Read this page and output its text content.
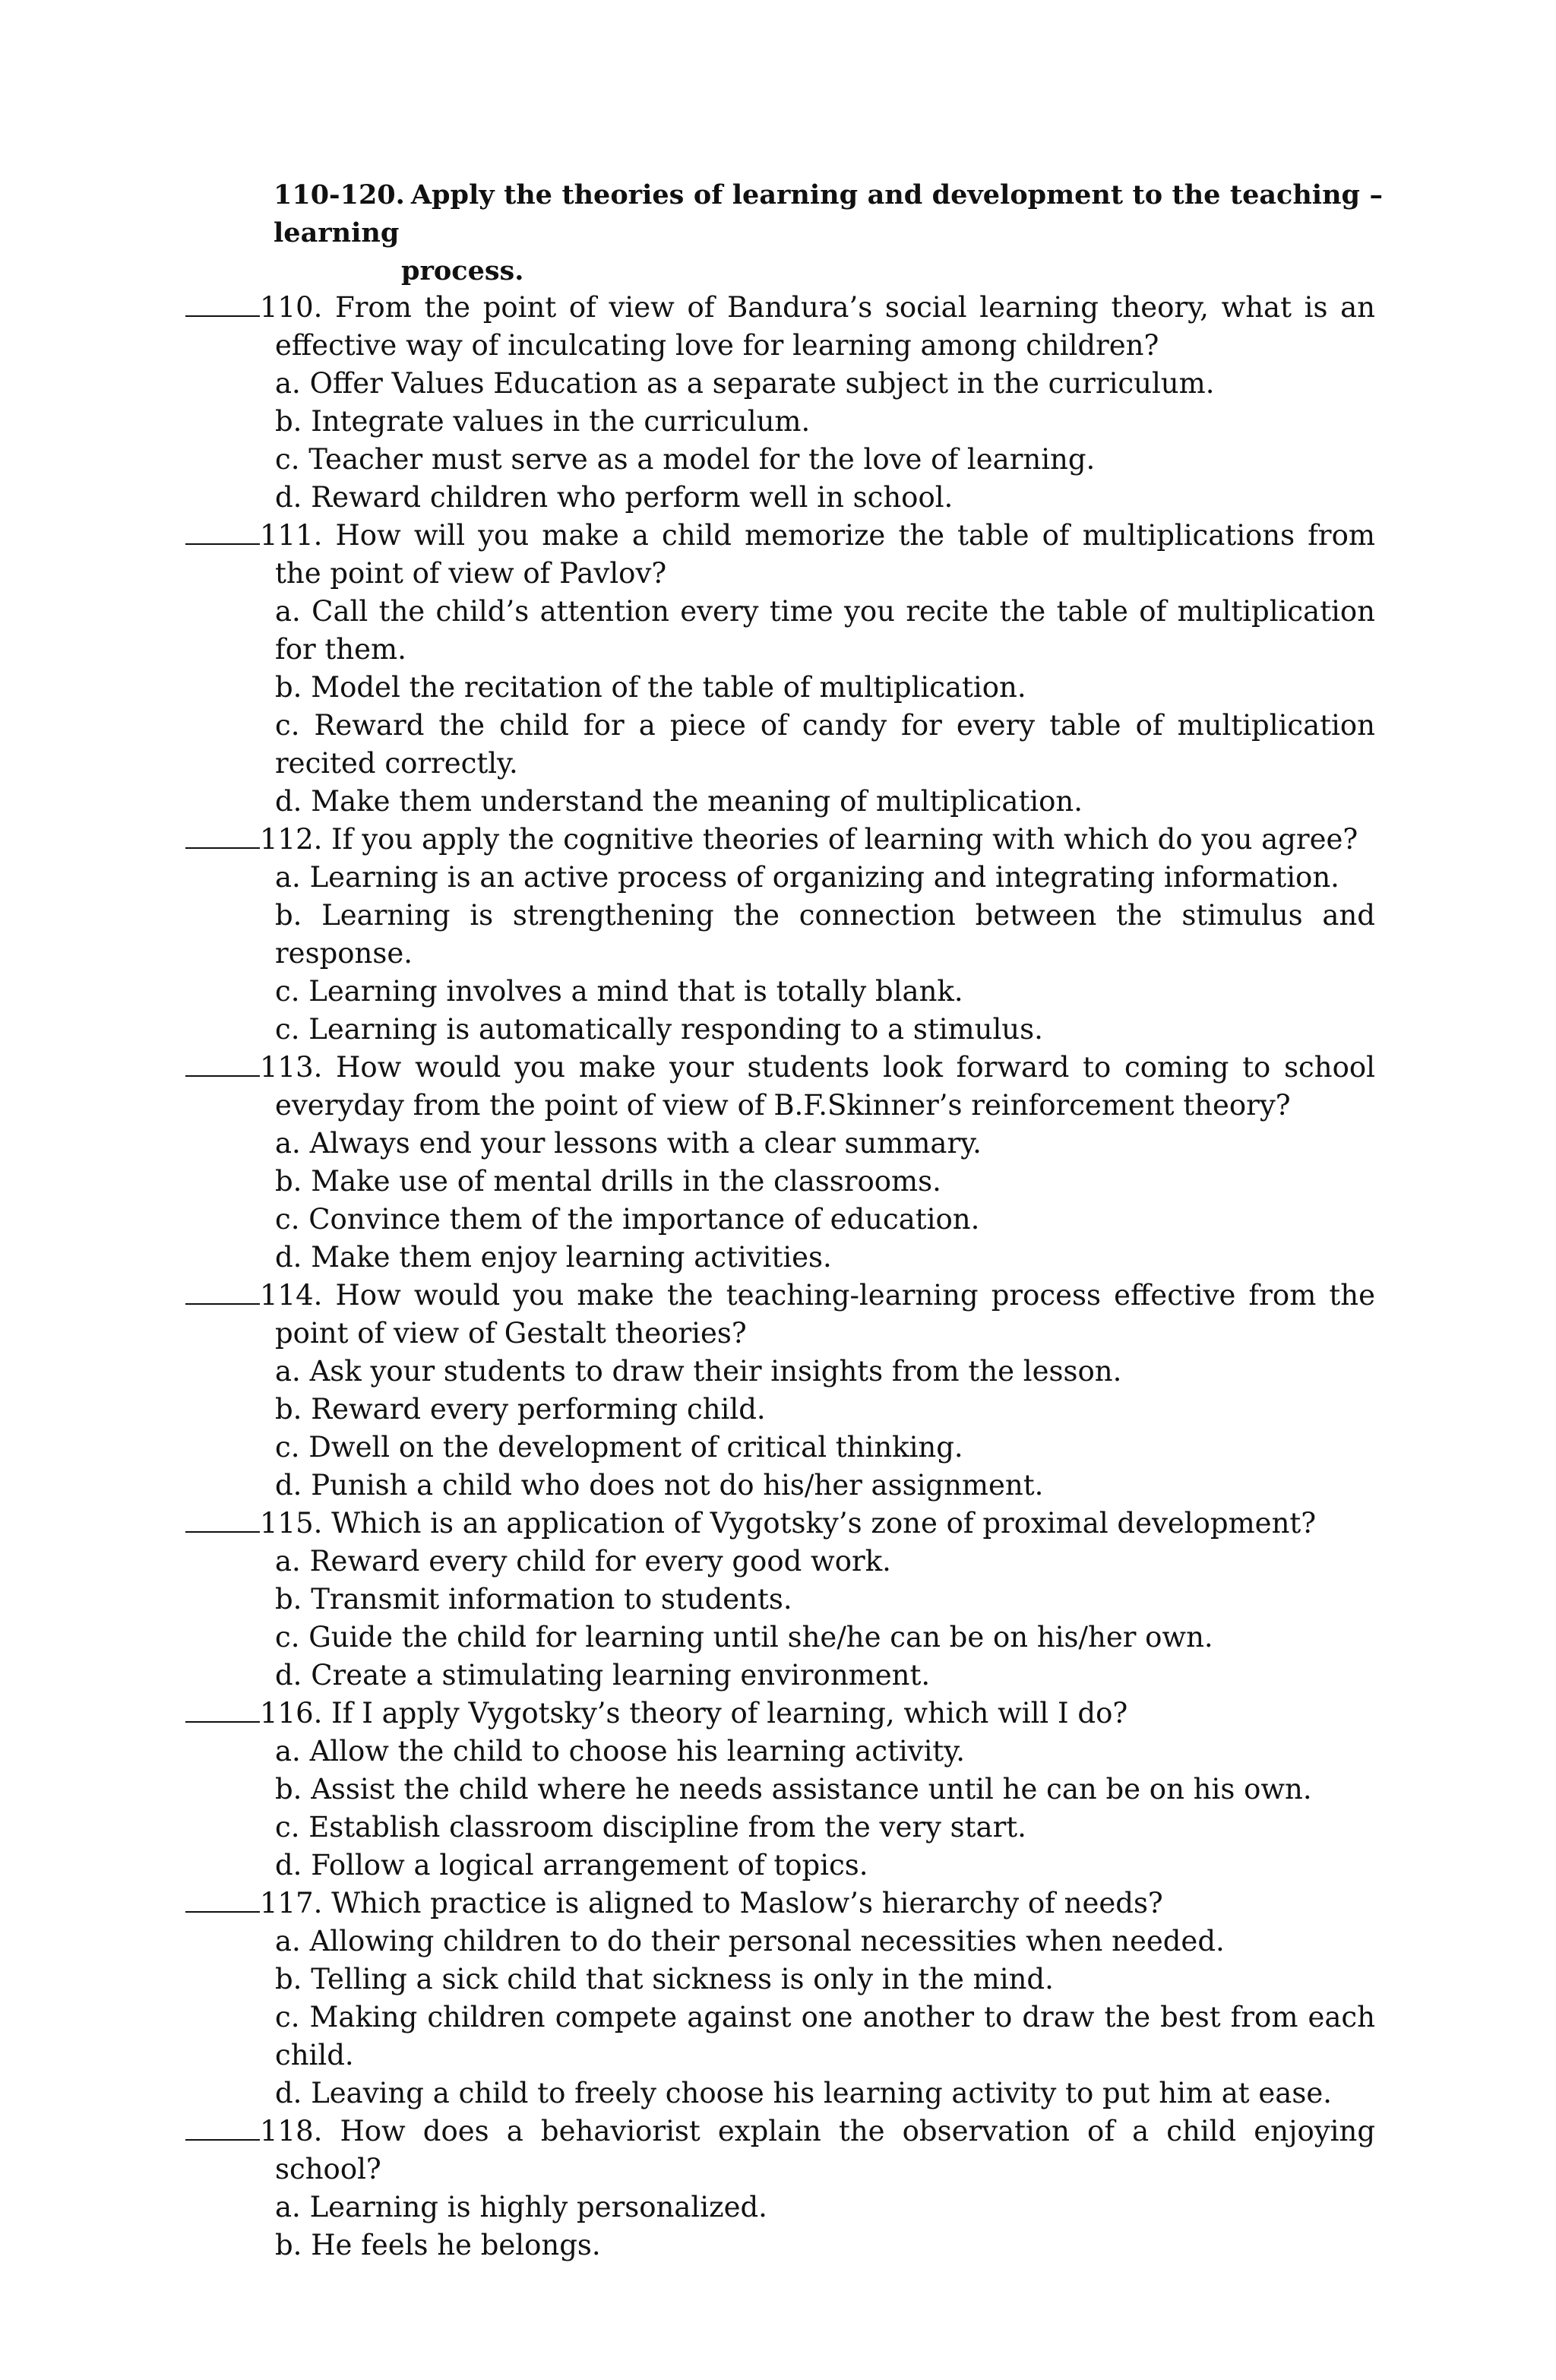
110-120. Apply the theories of learning and development to the teaching – learning
process.
110. From the point of view of Bandura’s social learning theory, what is an effective way of inculcating love for learning among children?
a. Offer Values Education as a separate subject in the curriculum.
b. Integrate values in the curriculum.
c. Teacher must serve as a model for the love of learning.
d. Reward children who perform well in school.
111. How will you make a child memorize the table of multiplications from the point of view of Pavlov?
a. Call the child’s attention every time you recite the table of multiplication for them.
b. Model the recitation of the table of multiplication.
c. Reward the child for a piece of candy for every table of multiplication recited correctly.
d. Make them understand the meaning of multiplication.
112. If you apply the cognitive theories of learning with which do you agree?
a. Learning is an active process of organizing and integrating information.
b. Learning is strengthening the connection between the stimulus and response.
c. Learning involves a mind that is totally blank.
c. Learning is automatically responding to a stimulus.
113. How would you make your students look forward to coming to school everyday from the point of view of B.F.Skinner’s reinforcement theory?
a. Always end your lessons with a clear summary.
b. Make use of mental drills in the classrooms.
c. Convince them of the importance of education.
d. Make them enjoy learning activities.
114. How would you make the teaching-learning process effective from the point of view of Gestalt theories?
a. Ask your students to draw their insights from the lesson.
b. Reward every performing child.
c. Dwell on the development of critical thinking.
d. Punish a child who does not do his/her assignment.
115. Which is an application of Vygotsky’s zone of proximal development?
a. Reward every child for every good work.
b. Transmit information to students.
c. Guide the child for learning until she/he can be on his/her own.
d. Create a stimulating learning environment.
116. If I apply Vygotsky’s theory of learning, which will I do?
a. Allow the child to choose his learning activity.
b. Assist the child where he needs assistance until he can be on his own.
c. Establish classroom discipline from the very start.
d. Follow a logical arrangement of topics.
117. Which practice is aligned to Maslow’s hierarchy of needs?
a. Allowing children to do their personal necessities when needed.
b. Telling a sick child that sickness is only in the mind.
c. Making children compete against one another to draw the best from each child.
d. Leaving a child to freely choose his learning activity to put him at ease.
118. How does a behaviorist explain the observation of a child enjoying school?
a. Learning is highly personalized.
b. He feels he belongs.
